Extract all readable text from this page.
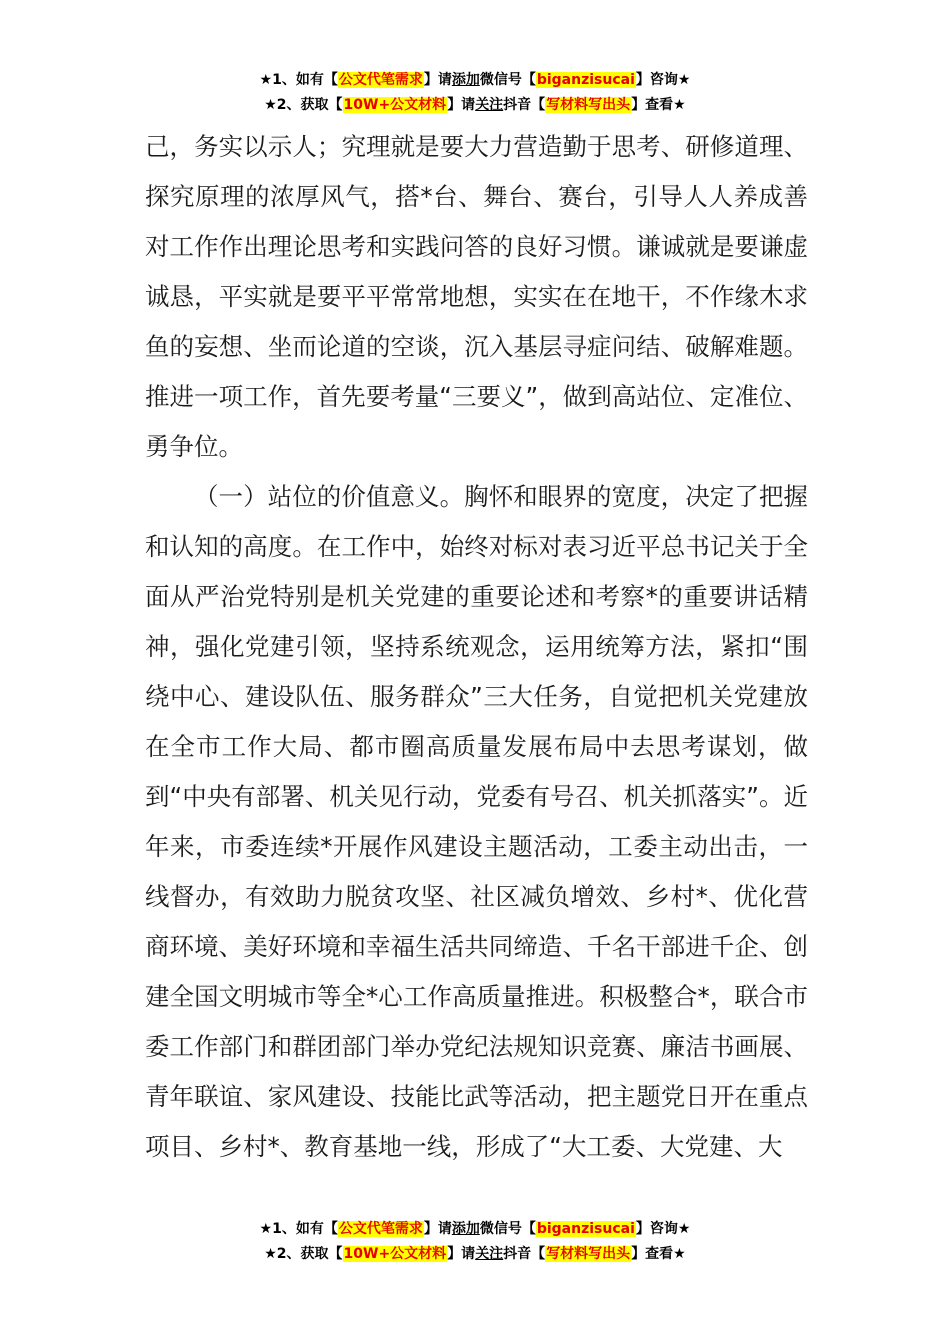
★1、如有【公文代笔需求】请添加微信号【biganzisucai】咨询★
★2、获取【10W+公文材料】请关注抖音【写材料写出头】查看★

己，务实以示人；究理就是要大力营造勤于思考、研修道理、探究原理的浓厚风气，搭*台、舞台、赛台，引导人人养成善对工作作出理论思考和实践问答的良好习惯。谦诚就是要谦虚诚恳，平实就是要平平常常地想，实实在在地干，不作缘木求鱼的妄想、坐而论道的空谈，沉入基层寻症问结、破解难题。推进一项工作，首先要考量“三要义”，做到高站位、定准位、勇争位。

（一）站位的价值意义。胸怀和眼界的宽度，决定了把握和认知的高度。在工作中，始终对标对表习近平总书记关于全面从严治党特别是机关党建的重要论述和考察*的重要讲话精神，强化党建引领，坚持系统观念，运用统筹方法，紧扣“围绕中心、建设队伍、服务群众”三大任务，自觉把机关党建放在全市工作大局、都市圈高质量发展布局中去思考谋划，做到“中央有部署、机关见行动，党委有号召、机关抓落实”。近年来，市委连续*开展作风建设主题活动，工委主动出击，一线督办，有效助力脱贫攻坚、社区减负增效、乡村*、优化营商环境、美好环境和幸福生活共同缔造、千名干部进千企、创建全国文明城市等全*心工作高质量推进。积极整合*，联合市委工作部门和群团部门举办党纪法规知识竞赛、廉洁书画展、青年联谊、家风建设、技能比武等活动，把主题党日开在重点项目、乡村*、教育基地一线，形成了“大工委、大党建、大

★1、如有【公文代笔需求】请添加微信号【biganzisucai】咨询★
★2、获取【10W+公文材料】请关注抖音【写材料写出头】查看★
